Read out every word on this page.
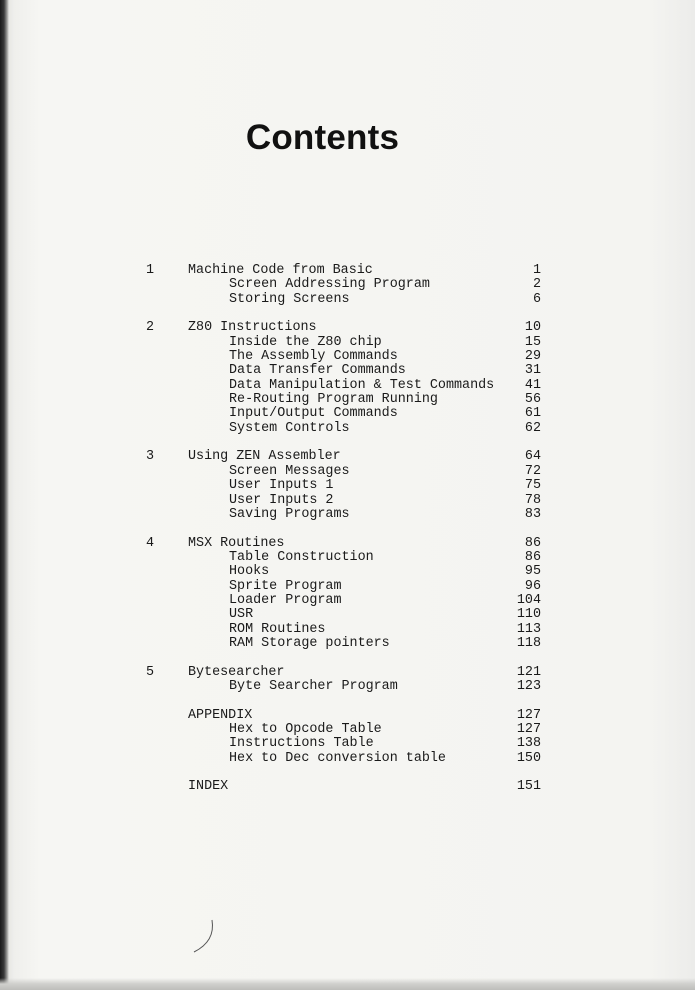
Contents
1	Machine Code from Basic	1
Screen Addressing Program	2
Storing Screens	6
2	Z80 Instructions	10
Inside the Z80 chip	15
The Assembly Commands	29
Data Transfer Commands	31
Data Manipulation & Test Commands 41
Re-Routing Program Running	56
Input/Output Commands	61
System Controls	62
3	Using ZEN Assembler	64
Screen Messages	72
User Inputs 1	75
User Inputs 2	78
Saving Programs	83
4	MSX Routines	86
Table Construction	86
Hooks	95
Sprite Program	96
Loader Program	104
USR	110
ROM Routines	113
RAM Storage pointers	118
5	Bytesearcher	121
Byte Searcher Program	123
APPENDIX	127
Hex to Opcode Table	127
Instructions Table	138
Hex to Dec conversion table	150
INDEX	151
